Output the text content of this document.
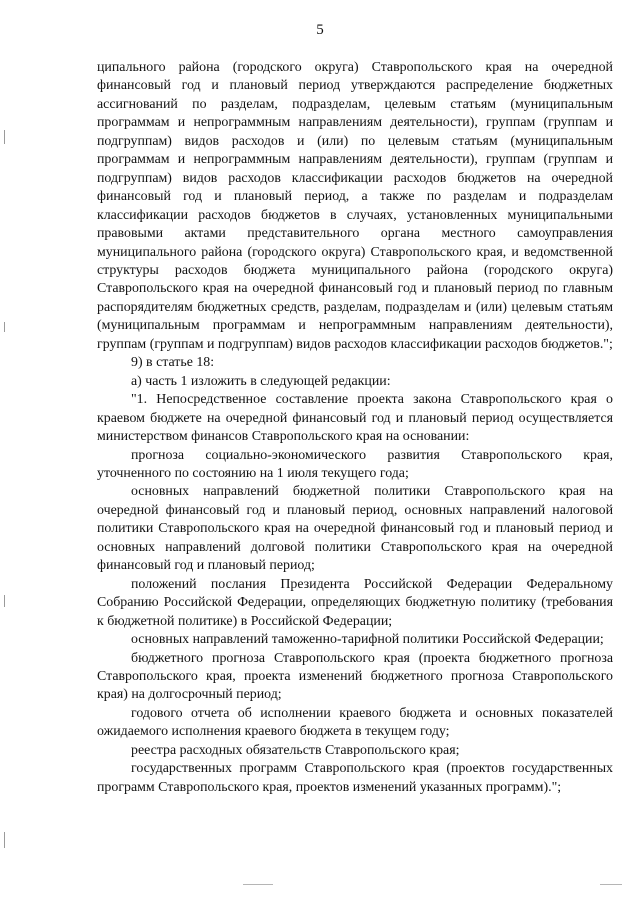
5

ципального района (городского округа) Ставропольского края на очередной финансовый год и плановый период утверждаются распределение бюджетных ассигнований по разделам, подразделам, целевым статьям (муниципальным программам и непрограммным направлениям деятельности), группам (группам и подгруппам) видов расходов и (или) по целевым статьям (муниципальным программам и непрограммным направлениям деятельности), группам (группам и подгруппам) видов расходов классификации расходов бюджетов на очередной финансовый год и плановый период, а также по разделам и подразделам классификации расходов бюджетов в случаях, установленных муниципальными правовыми актами представительного органа местного самоуправления муниципального района (городского округа) Ставропольского края, и ведомственной структуры расходов бюджета муниципального района (городского округа) Ставропольского края на очередной финансовый год и плановый период по главным распорядителям бюджетных средств, разделам, подразделам и (или) целевым статьям (муниципальным программам и непрограммным направлениям деятельности), группам (группам и подгруппам) видов расходов классификации расходов бюджетов.";

9) в статье 18:

а) часть 1 изложить в следующей редакции:

"1. Непосредственное составление проекта закона Ставропольского края о краевом бюджете на очередной финансовый год и плановый период осуществляется министерством финансов Ставропольского края на основании:

прогноза социально-экономического развития Ставропольского края, уточненного по состоянию на 1 июля текущего года;

основных направлений бюджетной политики Ставропольского края на очередной финансовый год и плановый период, основных направлений налоговой политики Ставропольского края на очередной финансовый год и плановый период и основных направлений долговой политики Ставропольского края на очередной финансовый год и плановый период;

положений послания Президента Российской Федерации Федеральному Собранию Российской Федерации, определяющих бюджетную политику (требования к бюджетной политике) в Российской Федерации;

основных направлений таможенно-тарифной политики Российской Федерации;

бюджетного прогноза Ставропольского края (проекта бюджетного прогноза Ставропольского края, проекта изменений бюджетного прогноза Ставропольского края) на долгосрочный период;

годового отчета об исполнении краевого бюджета и основных показателей ожидаемого исполнения краевого бюджета в текущем году;

реестра расходных обязательств Ставропольского края;

государственных программ Ставропольского края (проектов государственных программ Ставропольского края, проектов изменений указанных программ).";
